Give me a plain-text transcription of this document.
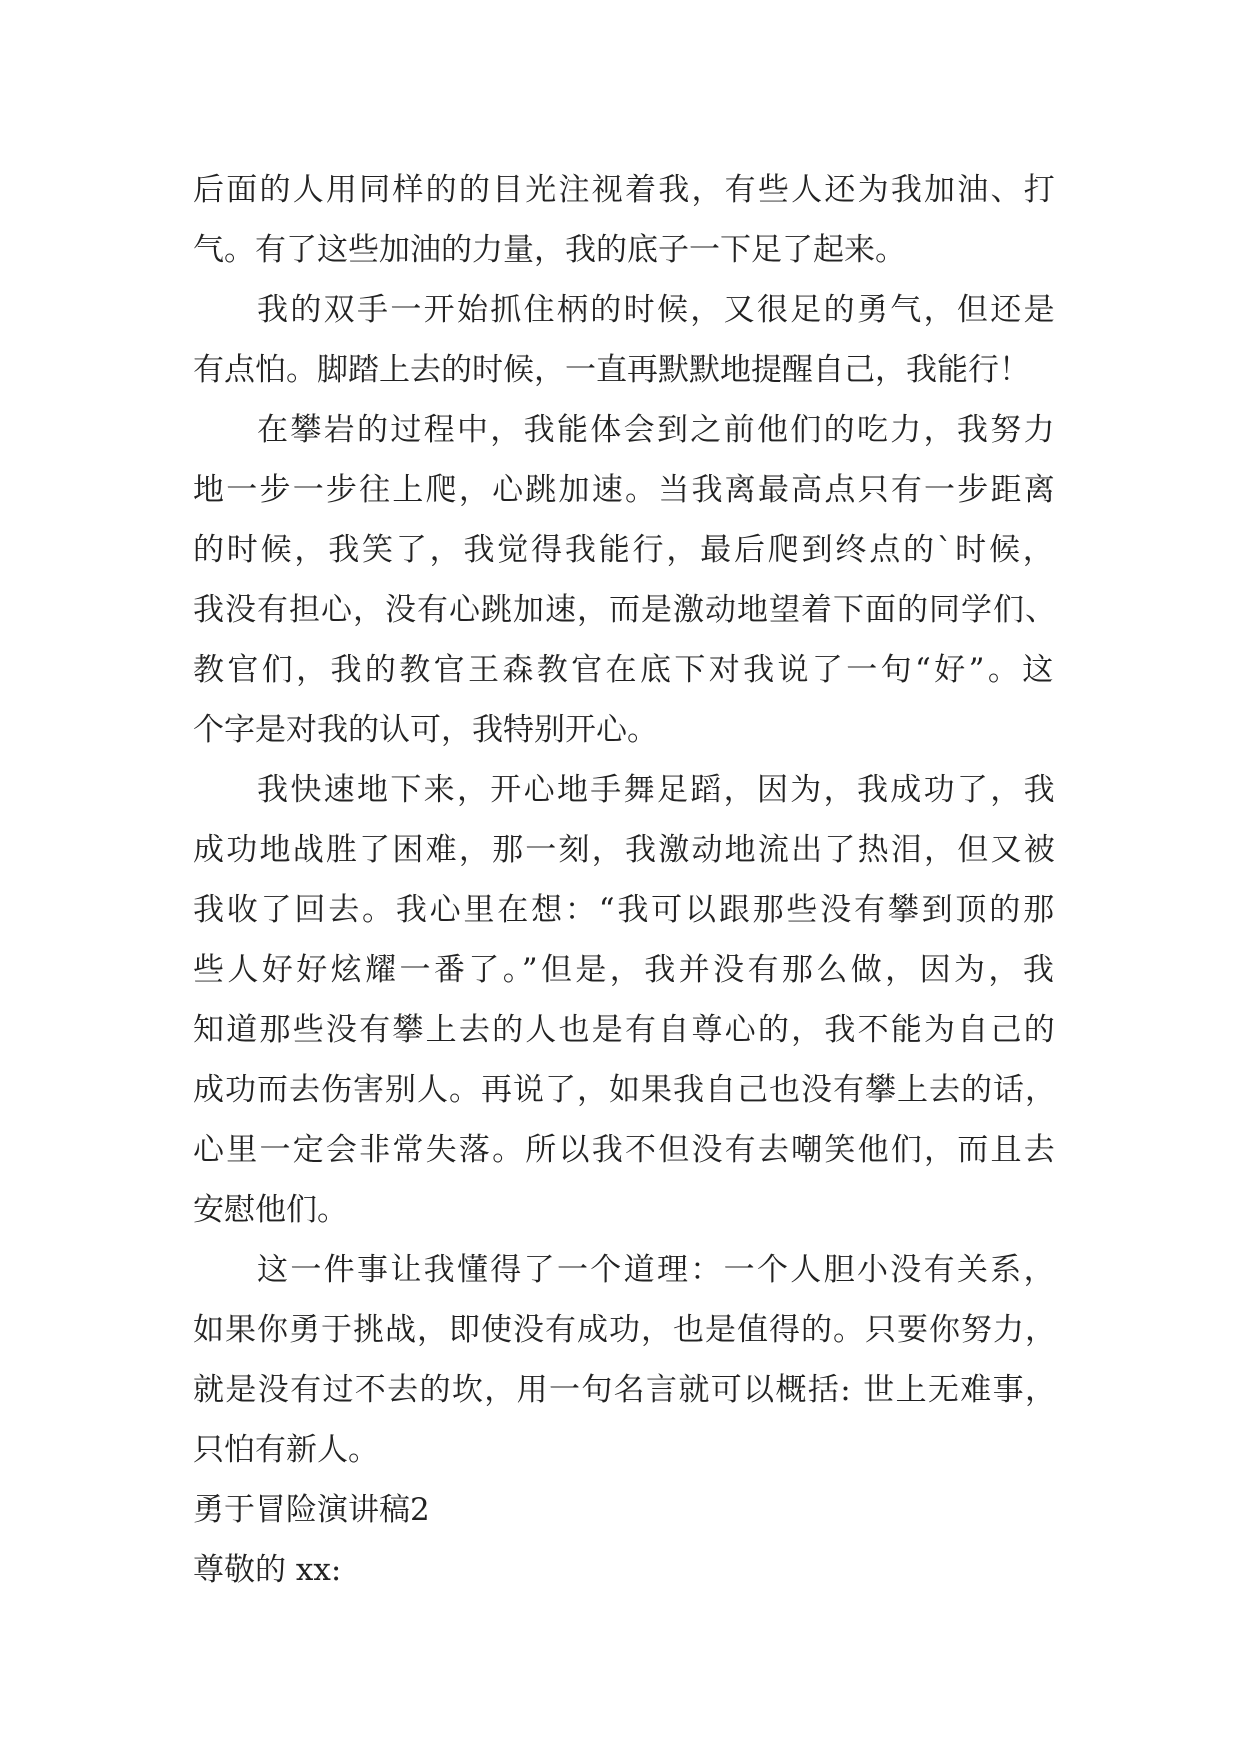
后面的人用同样的的目光注视着我，有些人还为我加油、打
气。有了这些加油的力量，我的底子一下足了起来。
我的双手一开始抓住柄的时候，又很足的勇气，但还是
有点怕。脚踏上去的时候，一直再默默地提醒自己，我能行！
在攀岩的过程中，我能体会到之前他们的吃力，我努力
地一步一步往上爬，心跳加速。当我离最高点只有一步距离
的时候，我笑了，我觉得我能行，最后爬到终点的`时候，
我没有担心，没有心跳加速，而是激动地望着下面的同学们、
教官们，我的教官王森教官在底下对我说了一句“好”。这
个字是对我的认可，我特别开心。
我快速地下来，开心地手舞足蹈，因为，我成功了，我
成功地战胜了困难，那一刻，我激动地流出了热泪，但又被
我收了回去。我心里在想：“我可以跟那些没有攀到顶的那
些人好好炫耀一番了。”但是，我并没有那么做，因为，我
知道那些没有攀上去的人也是有自尊心的，我不能为自己的
成功而去伤害别人。再说了，如果我自己也没有攀上去的话，
心里一定会非常失落。所以我不但没有去嘲笑他们，而且去
安慰他们。
这一件事让我懂得了一个道理：一个人胆小没有关系，
如果你勇于挑战，即使没有成功，也是值得的。只要你努力，
就是没有过不去的坎，用一句名言就可以概括: 世上无难事，
只怕有新人。
勇于冒险演讲稿2
尊敬的 xx:
